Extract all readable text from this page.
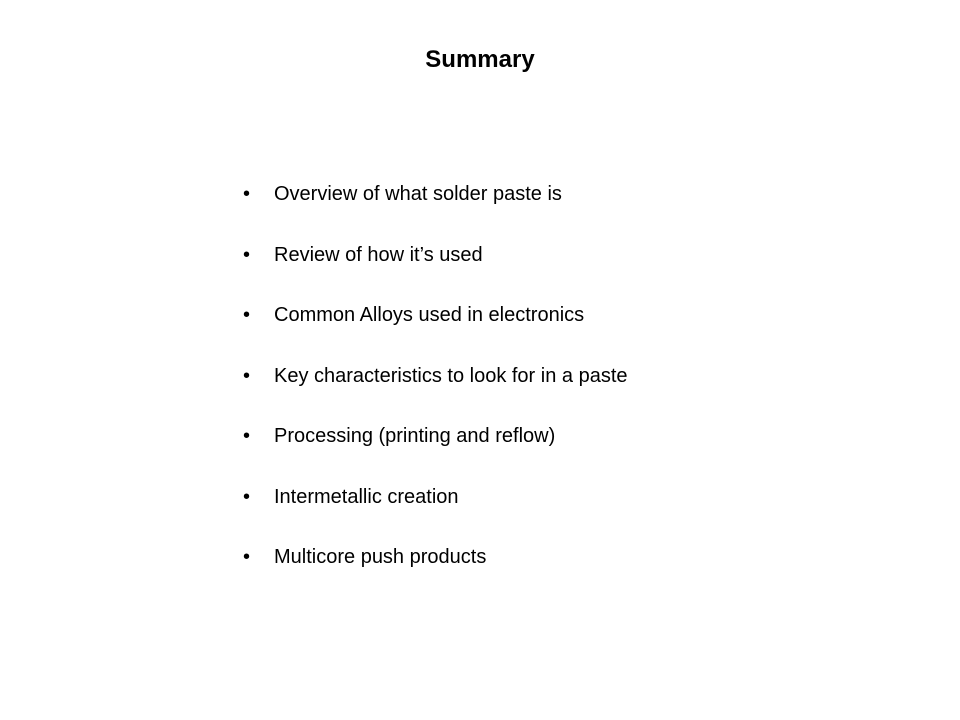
Summary
•	Overview of what solder paste is
•	Review of how it’s used
•	Common Alloys used in electronics
•	Key characteristics to look for in a paste
•	Processing (printing and reflow)
•	Intermetallic creation
•	Multicore push products
